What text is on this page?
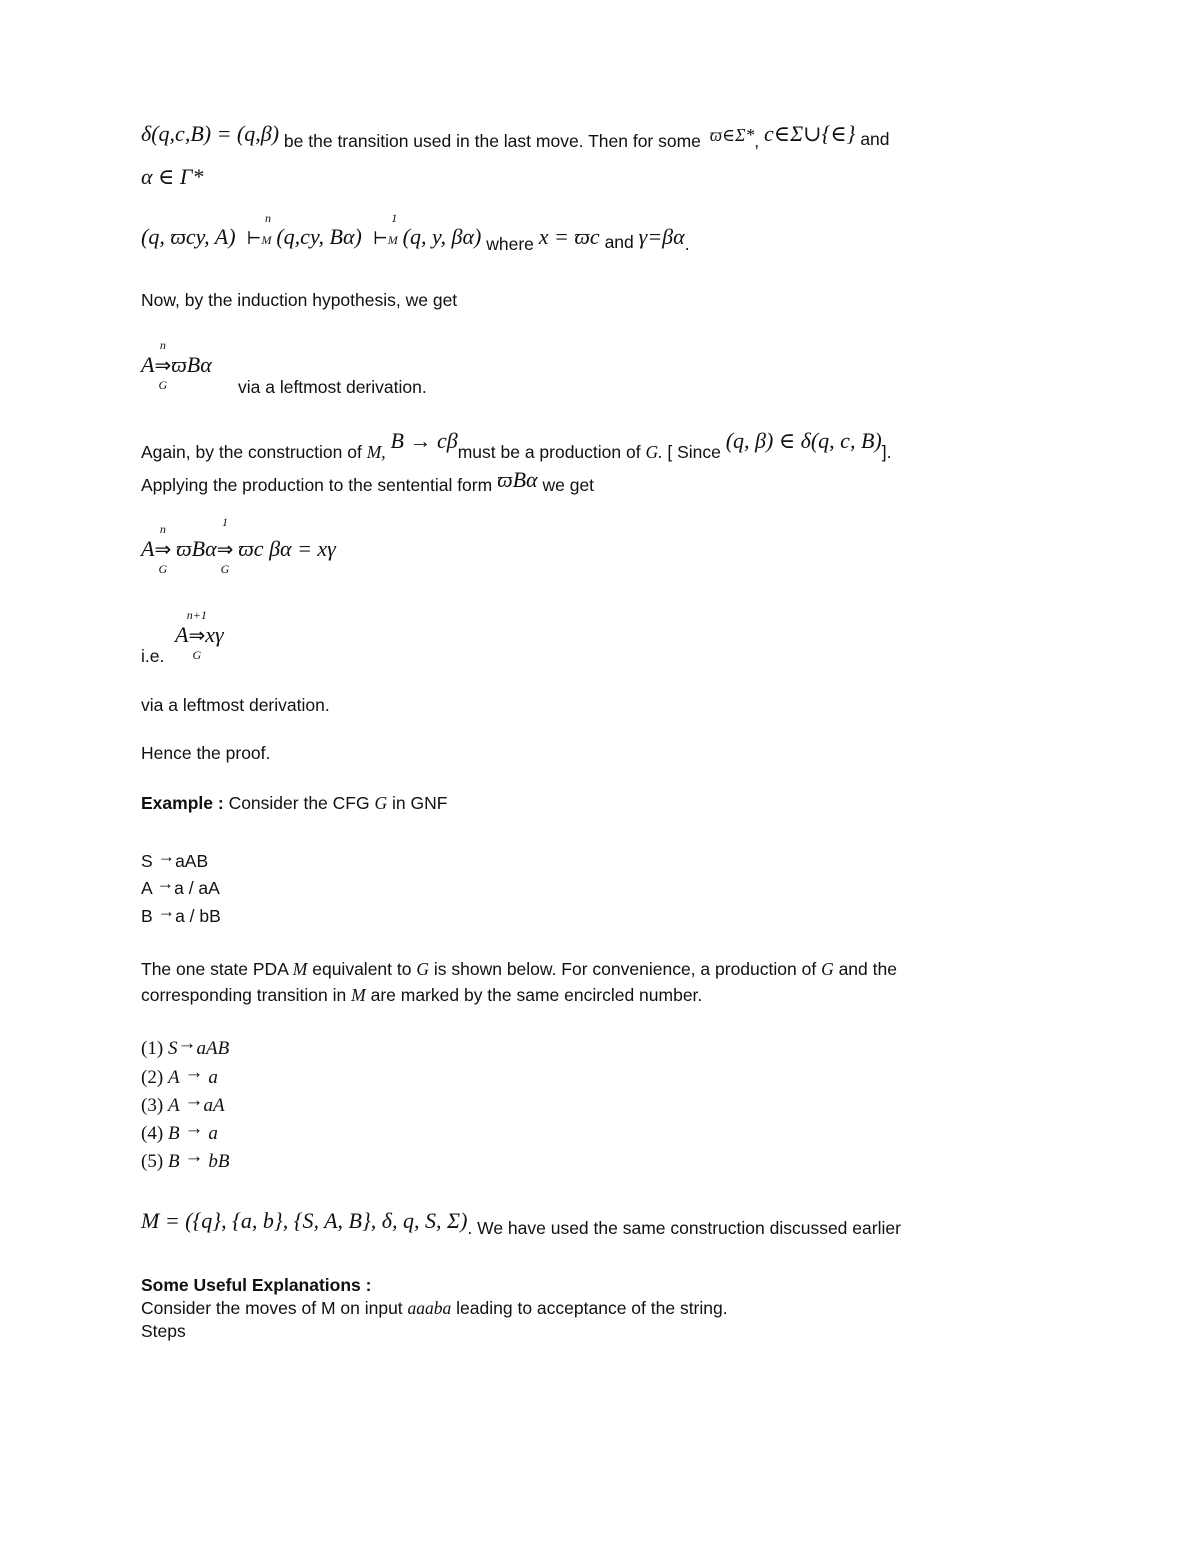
δ(q,c,B) = (q,β) be the transition used in the last move. Then for some ϖ∈Σ*, c∈Σ∪{∈} and
α ∈ Γ*
(q, ϖcy, A)
n
⊢M (q,cy, Bα)
1
⊢M (q, y, βα) where x = ϖc and γ=βα.
Now, by the induction hypothesis, we get
A
n
⇒
G
ϖBα
via a leftmost derivation.
Again, by the construction of M, B → cβmust be a production of G. [ Since (q, β) ∈ δ(q, c, B)].
Applying the production to the sentential form ϖBα we get
A
n
⇒
G
ϖBα
1
⇒
G
ϖc βα = xγ
A
n+1
⇒
G
xγ
i.e.
via a leftmost derivation.
Hence the proof.
Example : Consider the CFG G in GNF
S →aAB
A →a / aA
B →a / bB
The one state PDA M equivalent to G is shown below. For convenience, a production of G and the
corresponding transition in M are marked by the same encircled number.
(1) S→aAB
(2) A → a
(3) A →aA
(4) B → a
(5) B → bB
M = ({q}, {a, b}, {S, A, B}, δ, q, S, Σ). We have used the same construction discussed earlier
Some Useful Explanations :
Consider the moves of M on input aaaba leading to acceptance of the string.
Steps
